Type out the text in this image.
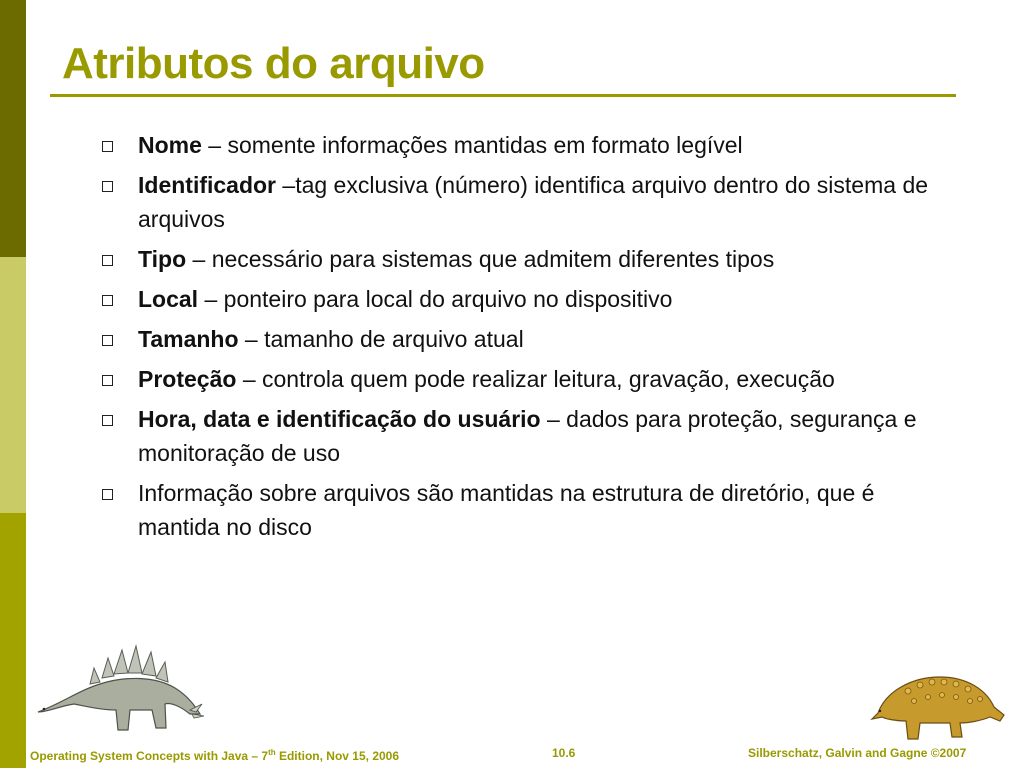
Atributos do arquivo
Nome – somente informações mantidas em formato legível
Identificador –tag exclusiva (número) identifica arquivo dentro do sistema de arquivos
Tipo – necessário para sistemas que admitem diferentes tipos
Local – ponteiro para local do arquivo no dispositivo
Tamanho – tamanho de arquivo atual
Proteção – controla quem pode realizar leitura, gravação, execução
Hora, data e identificação do usuário – dados para proteção, segurança e monitoração de uso
Informação sobre arquivos são mantidas na estrutura de diretório, que é mantida no disco
Operating System Concepts with Java – 7th Edition, Nov 15, 2006	10.6	Silberschatz, Galvin and Gagne ©2007
